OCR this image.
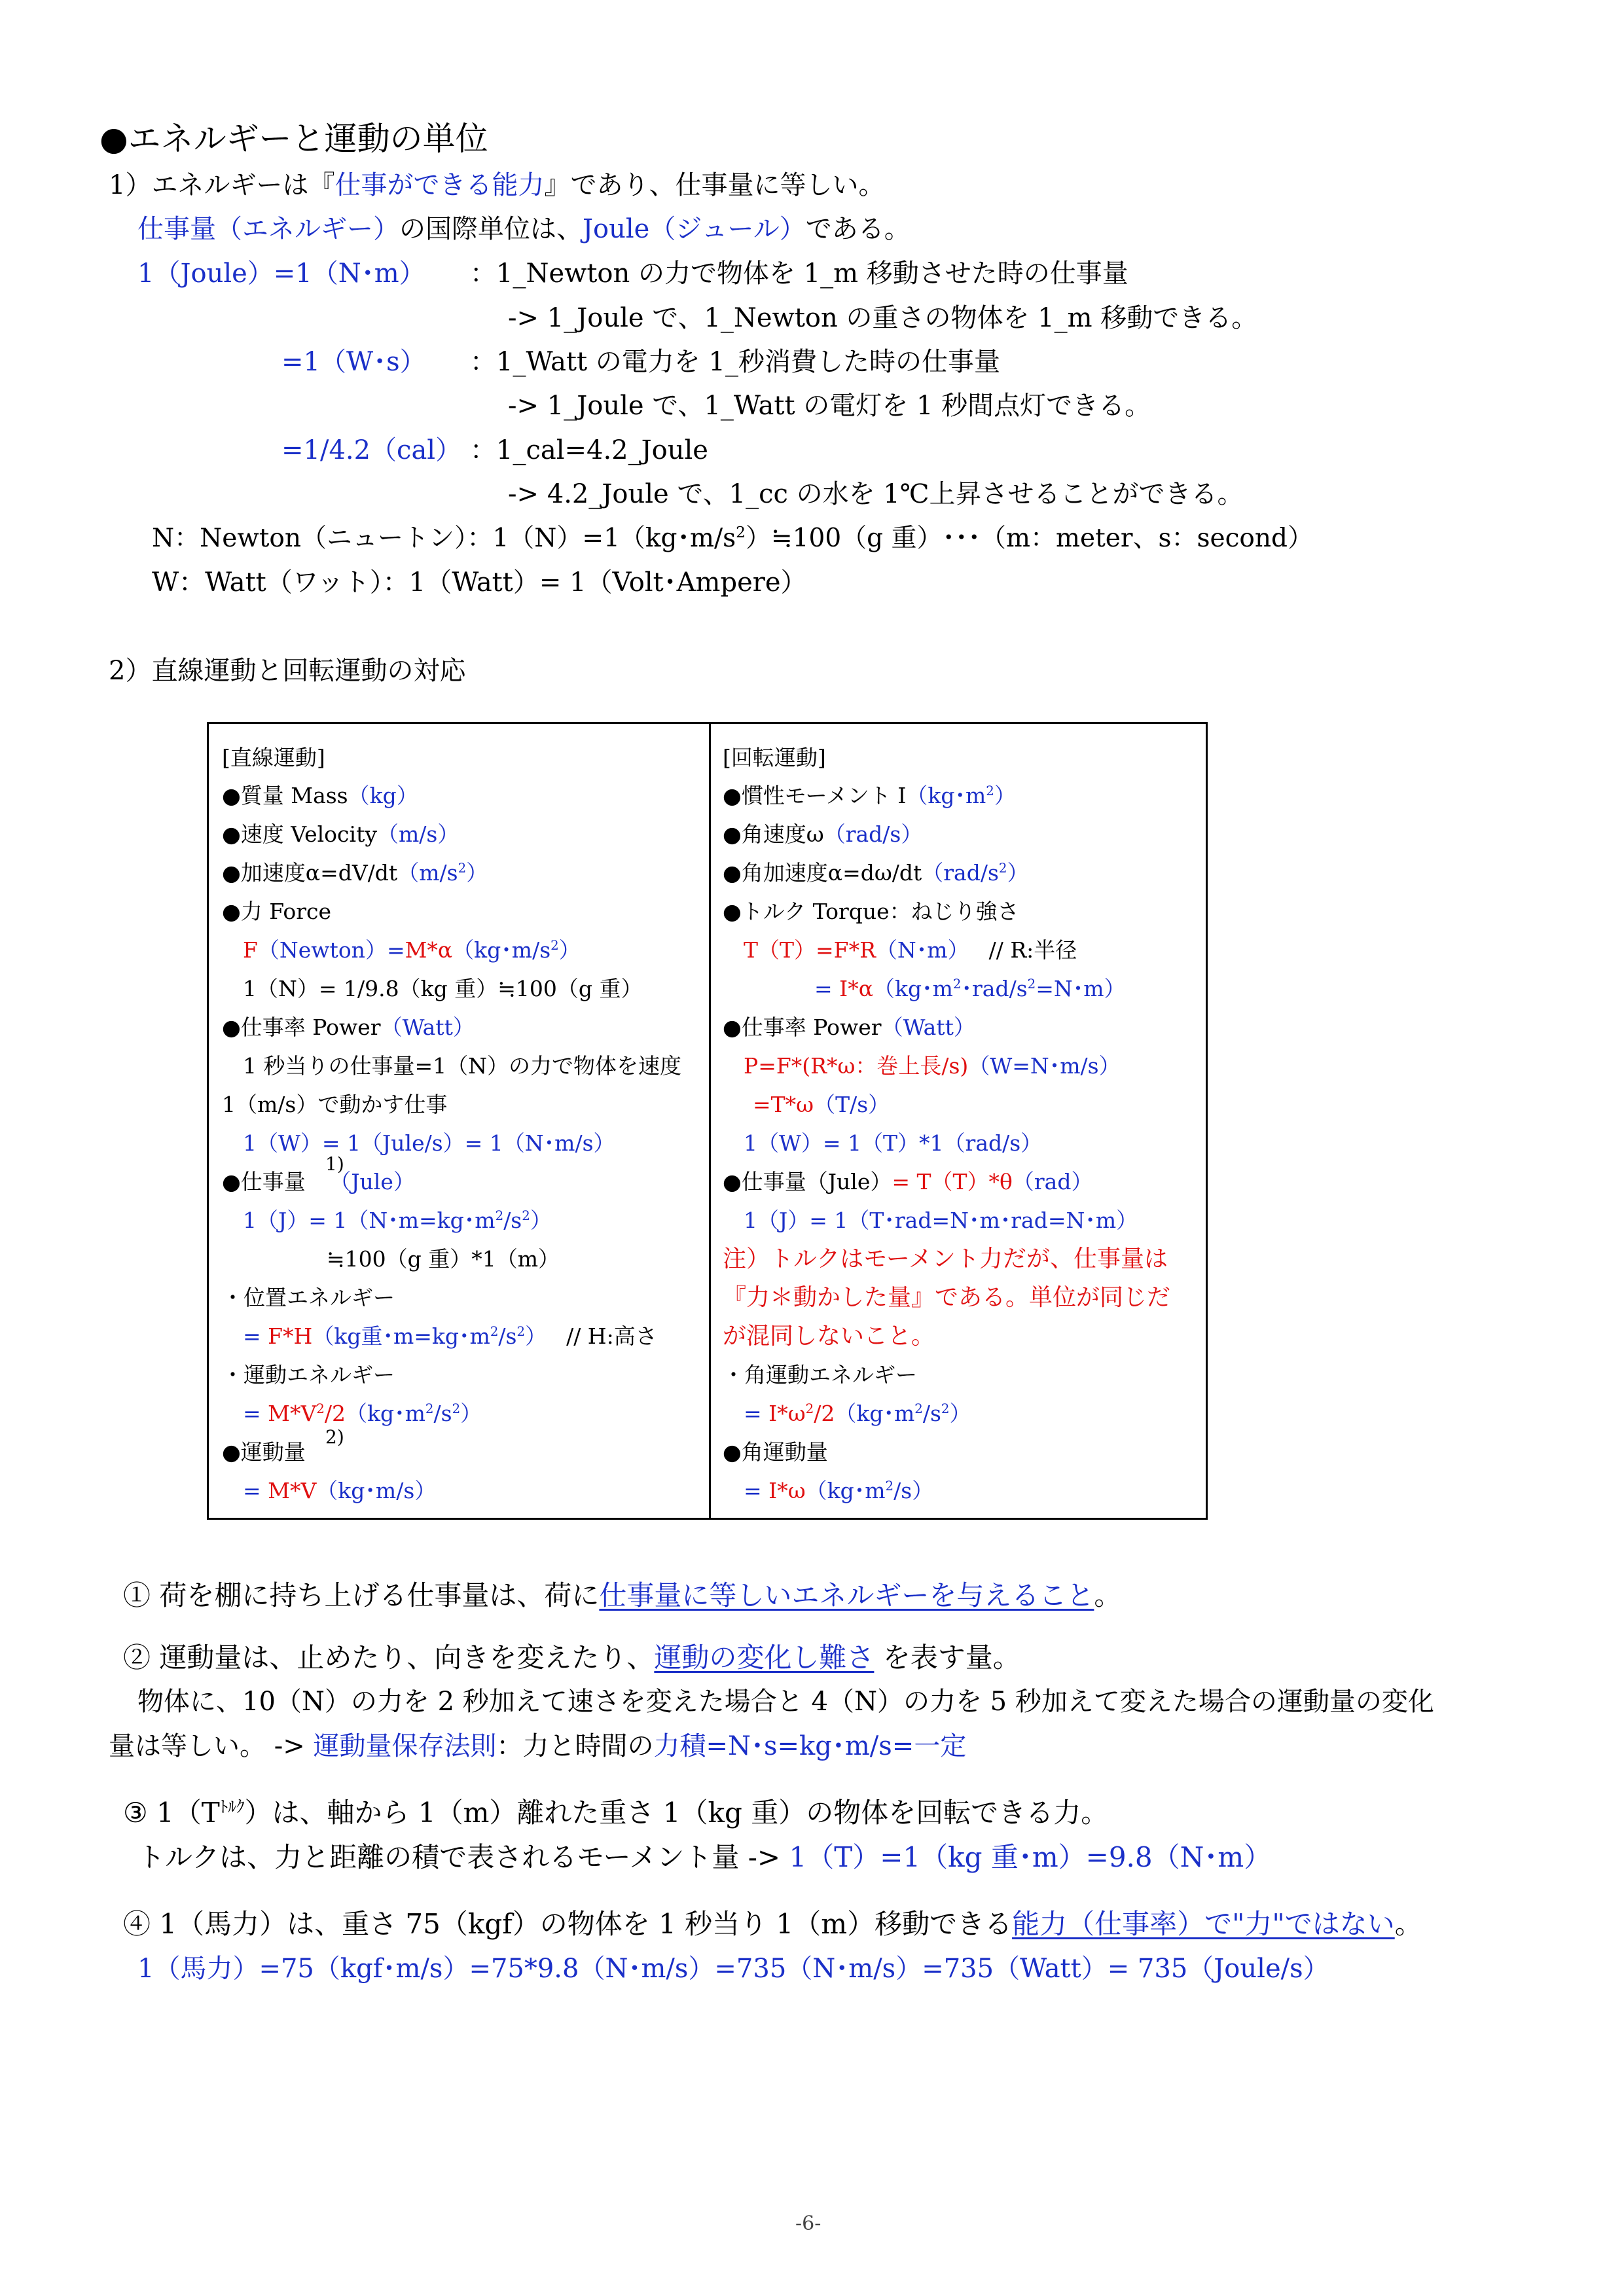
●エネルギーと運動の単位
1）エネルギーは『仕事ができる能力』であり、仕事量に等しい。
仕事量（エネルギー）の国際単位は、Joule（ジュール）である。
1（Joule）=1（N･m） ：1_Newton の力で物体を 1_m 移動させた時の仕事量
-> 1_Joule で、1_Newton の重さの物体を 1_m 移動できる。
=1（W･s） ：1_Watt の電力を 1_秒消費した時の仕事量
-> 1_Joule で、1_Watt の電灯を 1 秒間点灯できる。
=1/4.2（cal） ：1_cal=4.2_Joule
-> 4.2_Joule で、1_cc の水を 1℃上昇させることができる。
N：Newton（ニュートン）：1（N）=1（kg･$m/s^2)≒100(g$ 重）･･･（m：meter、s：second）
W：Watt（ワット）：1（Watt）= 1（Volt･Ampere）
2）直線運動と回転運動の対応
[直線運動]
●質量 Mass（kg）
●速度 Velocity（m/s）
●加速度$\alpha=dV/dt(m/s^2)$
●力 Force
F（Newton）=M*α（kg･$m/s^2$）
1（N）= 1/9.8（kg 重）≒100（g 重）
●仕事率 Power（Watt）
1 秒当りの仕事量=1（N）の力で物体を速度
1（m/s）で動かす仕事
1（W）= 1（Jule/s）= 1（N･m/s）
1)
●仕事量 （Jule）
1（J）= 1（N･m=kg･$m^2/s^2$）
≒100（g 重）*1（m）
・位置エネルギー
= F*H（kg重･m=kg･$m^2/s^2$） // H:高さ
・運動エネルギー
= $M*V^2/2(kg$･$m^2/s^2$）
2)
●運動量
= M*V（kg･m/s）
[回転運動]
●慣性モーメント I（kg･$m^2$）
●角速度ω（rad/s）
●角加速度$\alpha=d\omega/dt(rad/s^2)$
●トルク Torque：ねじり強さ
T（T）=F*R（N･m） // R:半径
= I*α（kg･$m^2$･rad/$s^2=N$･m）
●仕事率 Power（Watt）
P=F*(R*ω：巻上長/s)（W=N･m/s）
=T*ω（T/s）
1（W）= 1（T）*1（rad/s）
●仕事量（Jule）= T（T）*θ（rad）
1（J）= 1（T･rad=N･m･rad=N･m）
注）トルクはモーメント力だが、仕事量は
『力＊動かした量』である。単位が同じだ
が混同しないこと。
・角運動エネルギー
= $I*\omega^2/2(kg$･$m^2/s^2$）
●角運動量
= I*ω（kg･$m^2/s$）
① 荷を棚に持ち上げる仕事量は、荷に仕事量に等しいエネルギーを与えること。
② 運動量は、止めたり、向きを変えたり、運動の変化し難さ を表す量。
物体に、10（N）の力を 2 秒加えて速さを変えた場合と 4（N）の力を 5 秒加えて変えた場合の運動量の変化
量は等しい。 -> 運動量保存法則：力と時間の力積=N･s=kg･m/s=一定
③ $1(T^{ﾄﾙｸ})$は、軸から 1（m）離れた重さ 1（kg 重）の物体を回転できる力。
トルクは、力と距離の積で表されるモーメント量 -> 1（T）=1（kg 重･m）=9.8（N･m）
④ 1（馬力）は、重さ 75（kgf）の物体を 1 秒当り 1（m）移動できる能力（仕事率）で"力"ではない。
1（馬力）=75（kgf･m/s）=75*9.8（N･m/s）=735（N･m/s）=735（Watt）= 735（Joule/s）
-6-
